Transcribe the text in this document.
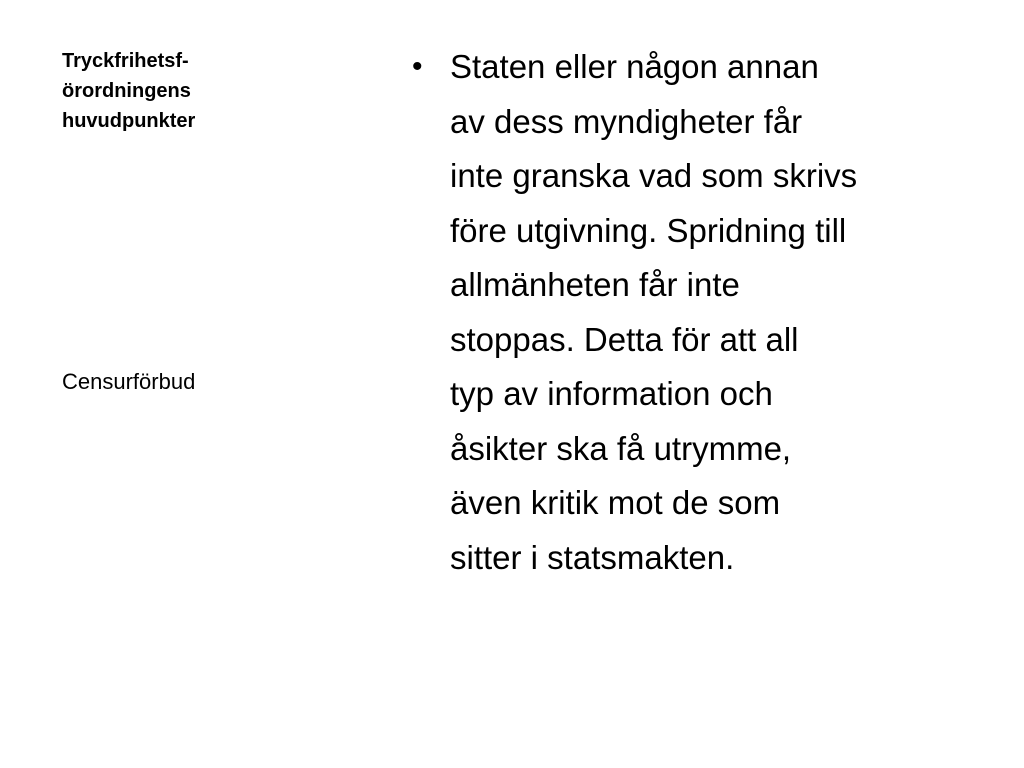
Tryckfrihetsf-
örordningens
huvudpunkter
Censurförbud
• Staten eller någon annan
av dess myndigheter får
inte granska vad som skrivs
före utgivning. Spridning till
allmänheten får inte
stoppas. Detta för att all
typ av information och
åsikter ska få utrymme,
även kritik mot de som
sitter i statsmakten.
